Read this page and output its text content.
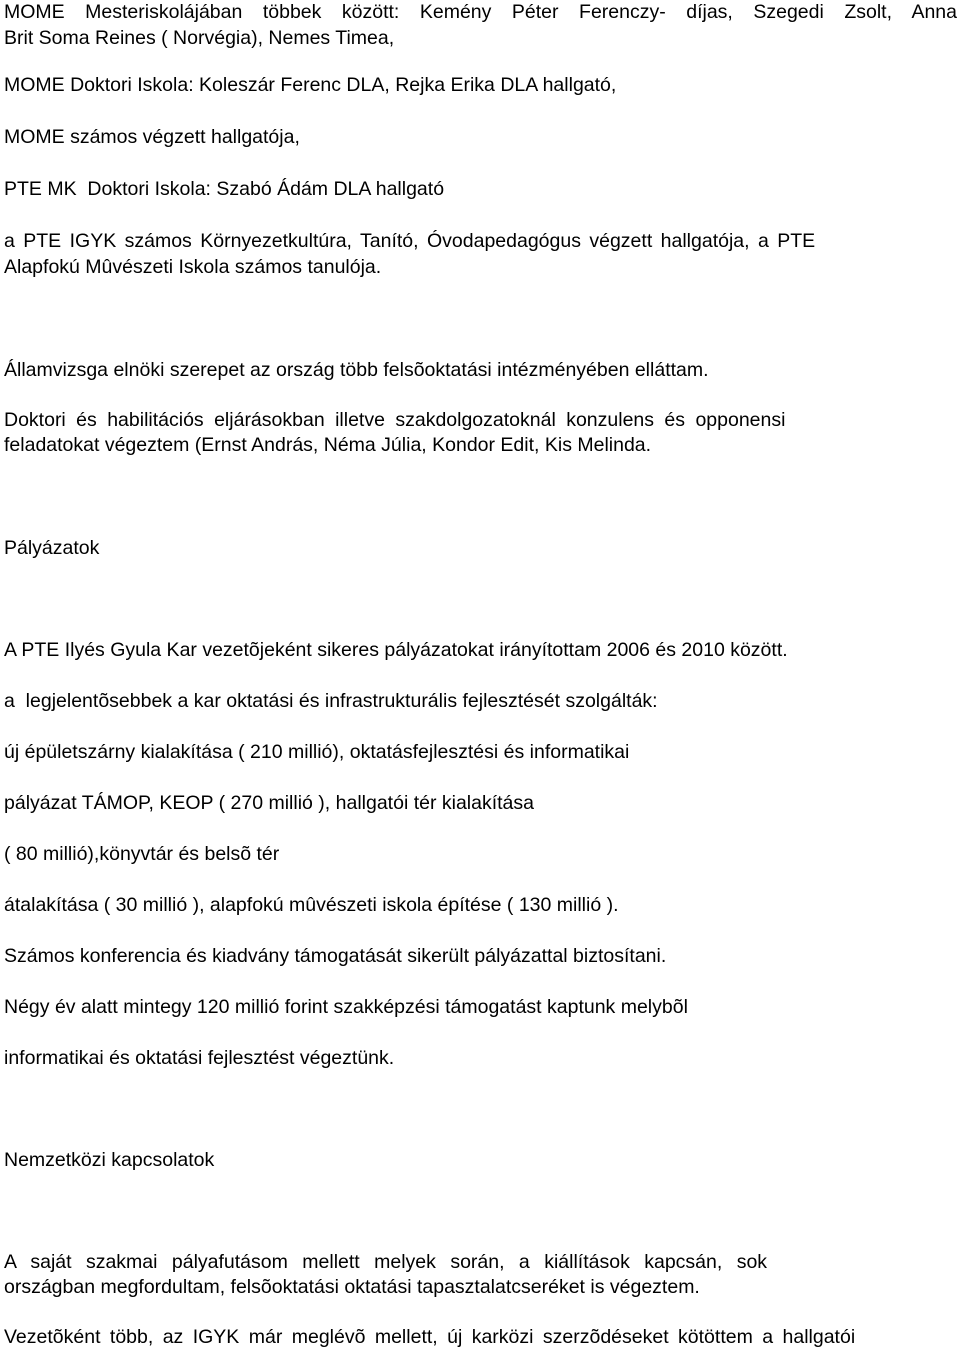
MOME Mesteriskolájában többek között: Kemény Péter Ferenczy- díjas, Szegedi Zsolt, Anna

Brit Soma Reines ( Norvégia), Nemes Timea,

MOME Doktori Iskola: Koleszár Ferenc DLA, Rejka Erika DLA hallgató,

MOME számos végzett hallgatója,

PTE MK  Doktori Iskola: Szabó Ádám DLA hallgató

a PTE IGYK számos Környezetkultúra, Tanító, Óvodapedagógus végzett hallgatója, a PTE

Alapfokú Mûvészeti Iskola számos tanulója.

Államvizsga elnöki szerepet az ország több felsõoktatási intézményében elláttam.

Doktori és habilitációs eljárásokban illetve szakdolgozatoknál konzulens és opponensi

feladatokat végeztem (Ernst András, Néma Júlia, Kondor Edit, Kis Melinda.

Pályázatok

A PTE Ilyés Gyula Kar vezetõjeként sikeres pályázatokat irányítottam 2006 és 2010 között.

a  legjelentõsebbek a kar oktatási és infrastrukturális fejlesztését szolgálták:

új épületszárny kialakítása ( 210 millió), oktatásfejlesztési és informatikai

pályázat TÁMOP, KEOP ( 270 millió ), hallgatói tér kialakítása

( 80 millió),könyvtár és belsõ tér

átalakítása ( 30 millió ), alapfokú mûvészeti iskola építése ( 130 millió ).

Számos konferencia és kiadvány támogatását sikerült pályázattal biztosítani.

Négy év alatt mintegy 120 millió forint szakképzési támogatást kaptunk melybõl

informatikai és oktatási fejlesztést végeztünk.

Nemzetközi kapcsolatok

A saját szakmai pályafutásom mellett melyek során, a kiállítások kapcsán, sok

országban megfordultam, felsõoktatási oktatási tapasztalatcseréket is végeztem.

Vezetõként több, az IGYK már meglévõ mellett, új karközi szerzõdéseket kötöttem a hallgatói
